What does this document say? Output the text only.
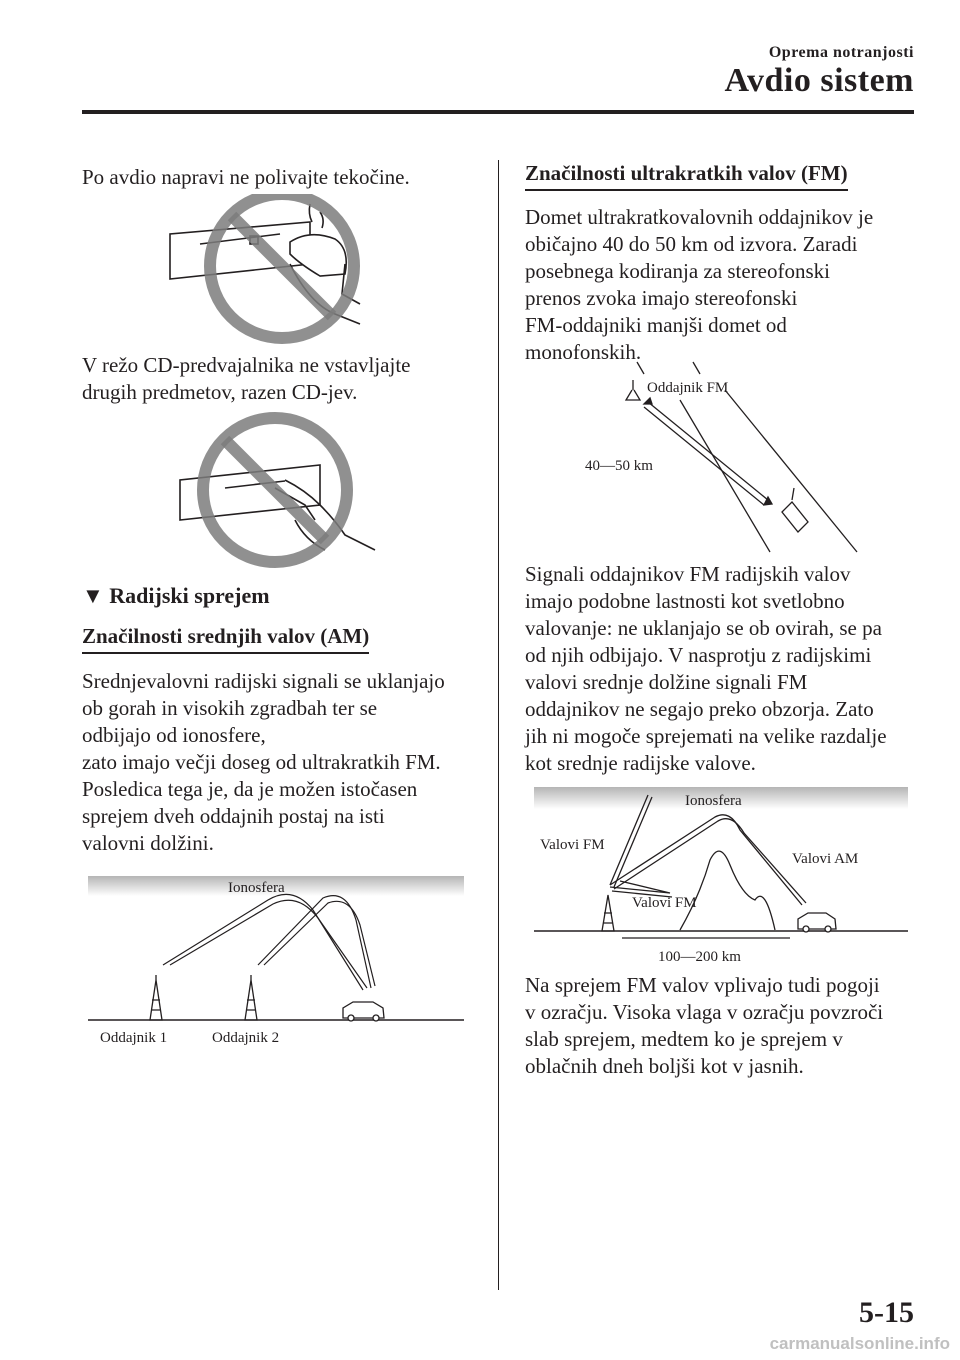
Oprema notranjosti
Avdio sistem
Po avdio napravi ne polivajte tekočine.
V režo CD-predvajalnika ne vstavljajte
drugih predmetov, razen CD-jev.
▼ Radijski sprejem
Značilnosti srednjih valov (AM)
Srednjevalovni radijski signali se uklanjajo
ob gorah in visokih zgradbah ter se
odbijajo od ionosfere,
zato imajo večji doseg od ultrakratkih FM.
Posledica tega je, da je možen istočasen
sprejem dveh oddajnih postaj na isti
valovni dolžini.
Ionosfera
Oddajnik 1	Oddajnik 2
Značilnosti ultrakratkih valov (FM)
Domet ultrakratkovalovnih oddajnikov je
običajno 40 do 50 km od izvora. Zaradi
posebnega kodiranja za stereofonski
prenos zvoka imajo stereofonski
FM-oddajniki manjši domet od
monofonskih.
Oddajnik FM
40—50 km
Signali oddajnikov FM radijskih valov
imajo podobne lastnosti kot svetlobno
valovanje: ne uklanjajo se ob ovirah, se pa
od njih odbijajo. V nasprotju z radijskimi
valovi srednje dolžine signali FM
oddajnikov ne segajo preko obzorja. Zato
jih ni mogoče sprejemati na velike razdalje
kot srednje radijske valove.
Ionosfera
Valovi FM
Valovi AM
Valovi FM
100—200 km
Na sprejem FM valov vplivajo tudi pogoji
v ozračju. Visoka vlaga v ozračju povzroči
slab sprejem, medtem ko je sprejem v
oblačnih dneh boljši kot v jasnih.
5-15
carmanualsonline.info
